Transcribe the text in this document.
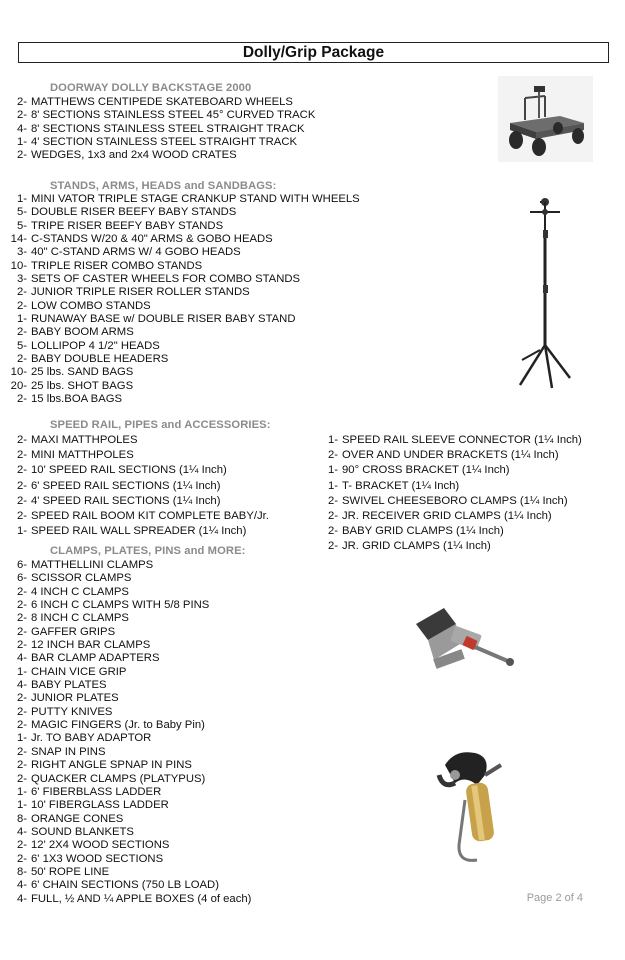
Dolly/Grip Package
DOORWAY DOLLY BACKSTAGE 2000
2- MATTHEWS CENTIPEDE SKATEBOARD WHEELS
2- 8' SECTIONS STAINLESS STEEL 45° CURVED TRACK
4- 8' SECTIONS STAINLESS STEEL STRAIGHT TRACK
1- 4' SECTION STAINLESS STEEL STRAIGHT TRACK
2- WEDGES, 1x3 and 2x4 WOOD CRATES
STANDS, ARMS, HEADS and SANDBAGS:
1- MINI VATOR TRIPLE STAGE CRANKUP STAND WITH WHEELS
5- DOUBLE RISER BEEFY BABY STANDS
5- TRIPE RISER BEEFY BABY STANDS
14- C-STANDS W/20 & 40" ARMS & GOBO HEADS
3- 40" C-STAND ARMS W/ 4 GOBO HEADS
10- TRIPLE RISER COMBO STANDS
3- SETS OF CASTER WHEELS FOR COMBO STANDS
2- JUNIOR TRIPLE RISER ROLLER STANDS
2- LOW COMBO STANDS
1- RUNAWAY BASE w/ DOUBLE RISER BABY STAND
2- BABY BOOM ARMS
5- LOLLIPOP 4 1/2" HEADS
2- BABY DOUBLE HEADERS
10- 25 lbs. SAND BAGS
20- 25 lbs. SHOT BAGS
2- 15 lbs.BOA BAGS
SPEED RAIL, PIPES and ACCESSORIES:
2- MAXI MATTHPOLES
2- MINI MATTHPOLES
2- 10' SPEED RAIL SECTIONS (1¼ Inch)
2- 6' SPEED RAIL SECTIONS (1¼ Inch)
2- 4' SPEED RAIL SECTIONS (1¼ Inch)
2- SPEED RAIL BOOM KIT COMPLETE BABY/Jr.
1- SPEED RAIL WALL SPREADER (1¼ Inch)
1- SPEED RAIL SLEEVE CONNECTOR (1¼ Inch)
2- OVER AND UNDER BRACKETS (1¼ Inch)
1- 90° CROSS BRACKET (1¼ Inch)
1- T- BRACKET (1¼ Inch)
2- SWIVEL CHEESEBORO CLAMPS (1¼ Inch)
2- JR. RECEIVER GRID CLAMPS (1¼ Inch)
2- BABY GRID CLAMPS (1¼ Inch)
2- JR. GRID CLAMPS (1¼ Inch)
CLAMPS, PLATES, PINS and MORE:
6- MATTHELLINI CLAMPS
6- SCISSOR CLAMPS
2- 4 INCH C CLAMPS
2- 6 INCH C CLAMPS WITH 5/8 PINS
2- 8 INCH C CLAMPS
2- GAFFER GRIPS
2- 12 INCH BAR CLAMPS
4- BAR CLAMP ADAPTERS
1- CHAIN VICE GRIP
4- BABY PLATES
2- JUNIOR PLATES
2- PUTTY KNIVES
2- MAGIC FINGERS (Jr. to Baby Pin)
1- Jr. TO BABY ADAPTOR
2- SNAP IN PINS
2- RIGHT ANGLE SPNAP IN PINS
2- QUACKER CLAMPS (PLATYPUS)
1- 6' FIBERBLASS LADDER
1- 10' FIBERGLASS LADDER
8- ORANGE CONES
4- SOUND BLANKETS
2- 12' 2X4 WOOD SECTIONS
2- 6' 1X3 WOOD SECTIONS
8- 50' ROPE LINE
4- 6' CHAIN SECTIONS (750 LB LOAD)
4- FULL, ½ AND ¼ APPLE BOXES (4 of each)	Page 2 of 4
